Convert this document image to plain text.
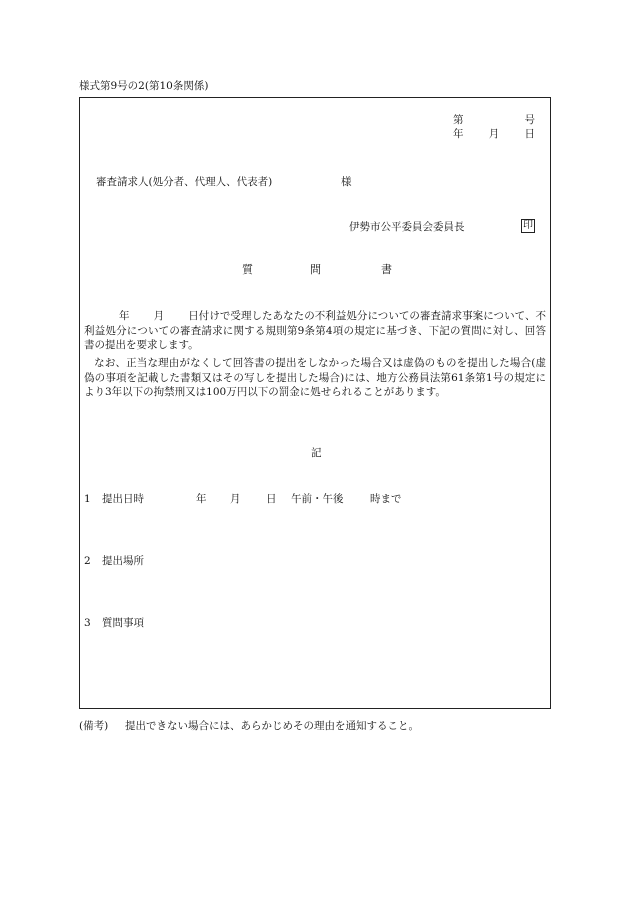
様式第9号の2(第10条関係)
第	号
年 月 日
審査請求人(処分者、代理人、代表者)	様
伊勢市公平委員会委員長	印
質	問	書
年 月 日付けで受理したあなたの不利益処分についての審査請求事案について、不利益処分についての審査請求に関する規則第9条第4項の規定に基づき、下記の質問に対し、回答書の提出を要求します。
なお、正当な理由がなくして回答書の提出をしなかった場合又は虚偽のものを提出した場合(虚偽の事項を記載した書類又はその写しを提出した場合)には、地方公務員法第61条第1号の規定により3年以下の拘禁刑又は100万円以下の罰金に処せられることがあります。
記
1 提出日時	年 月 日 午前・午後	時まで
2 提出場所
3 質問事項
(備考) 提出できない場合には、あらかじめその理由を通知すること。
